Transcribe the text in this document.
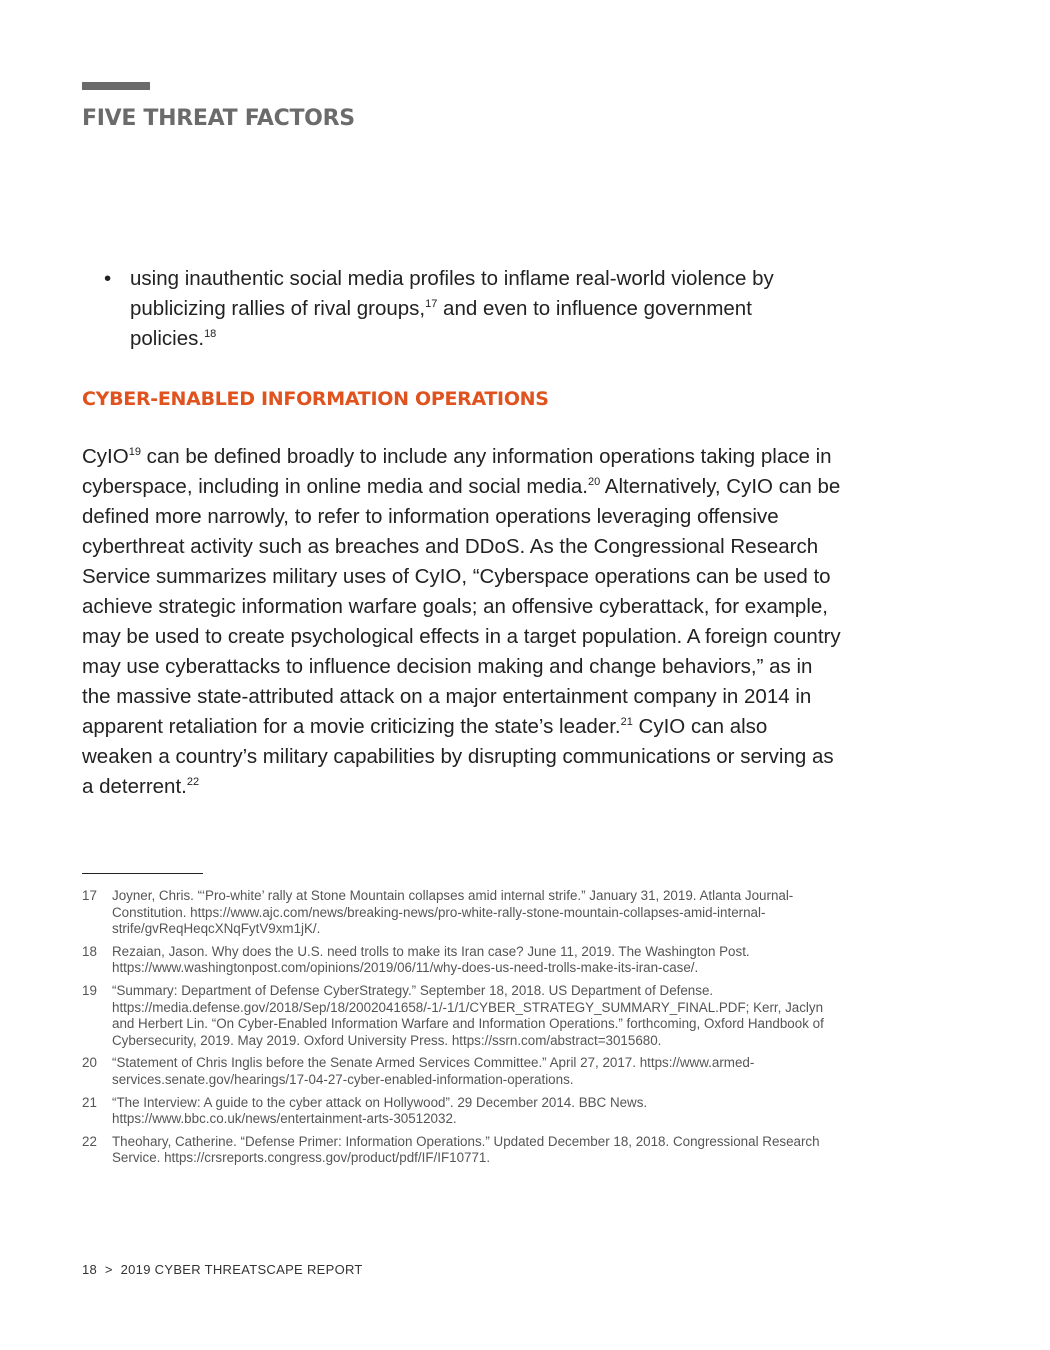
FIVE THREAT FACTORS
• using inauthentic social media profiles to inflame real-world violence by publicizing rallies of rival groups,$^{17}$ and even to influence government policies.$^{18}$
CYBER-ENABLED INFORMATION OPERATIONS

CyIO$^{19}$ can be defined broadly to include any information operations taking place in cyberspace, including in online media and social media.$^{20}$ Alternatively, CyIO can be defined more narrowly, to refer to information operations leveraging offensive cyberthreat activity such as breaches and DDoS. As the Congressional Research Service summarizes military uses of CyIO, “Cyberspace operations can be used to achieve strategic information warfare goals; an offensive cyberattack, for example, may be used to create psychological effects in a target population. A foreign country may use cyberattacks to influence decision making and change behaviors,” as in the massive state-attributed attack on a major entertainment company in 2014 in apparent retaliation for a movie criticizing the state’s leader.$^{21}$ CyIO can also weaken a country’s military capabilities by disrupting communications or serving as a deterrent.$^{22}$

17	Joyner, Chris. “‘Pro-white’ rally at Stone Mountain collapses amid internal strife.” January 31, 2019. Atlanta Journal-Constitution. https://www.ajc.com/news/breaking-news/pro-white-rally-stone-mountain-collapses-amid-internal-strife/gvReqHeqcXNqFytV9xm1jK/.
18	Rezaian, Jason. Why does the U.S. need trolls to make its Iran case? June 11, 2019. The Washington Post. https://www.washingtonpost.com/opinions/2019/06/11/why-does-us-need-trolls-make-its-iran-case/.
19	“Summary: Department of Defense CyberStrategy.” September 18, 2018. US Department of Defense. https://media.defense.gov/2018/Sep/18/2002041658/-1/-1/1/CYBER_STRATEGY_SUMMARY_FINAL.PDF; Kerr, Jaclyn and Herbert Lin. “On Cyber-Enabled Information Warfare and Information Operations.” forthcoming, Oxford Handbook of Cybersecurity, 2019. May 2019. Oxford University Press. https://ssrn.com/abstract=3015680.
20	“Statement of Chris Inglis before the Senate Armed Services Committee.” April 27, 2017. https://www.armed-services.senate.gov/hearings/17-04-27-cyber-enabled-information-operations.
21	“The Interview: A guide to the cyber attack on Hollywood”. 29 December 2014. BBC News. https://www.bbc.co.uk/news/entertainment-arts-30512032.
22	Theohary, Catherine. “Defense Primer: Information Operations.” Updated December 18, 2018. Congressional Research Service. https://crsreports.congress.gov/product/pdf/IF/IF10771.
18 > 2019 CYBER THREATSCAPE REPORT
